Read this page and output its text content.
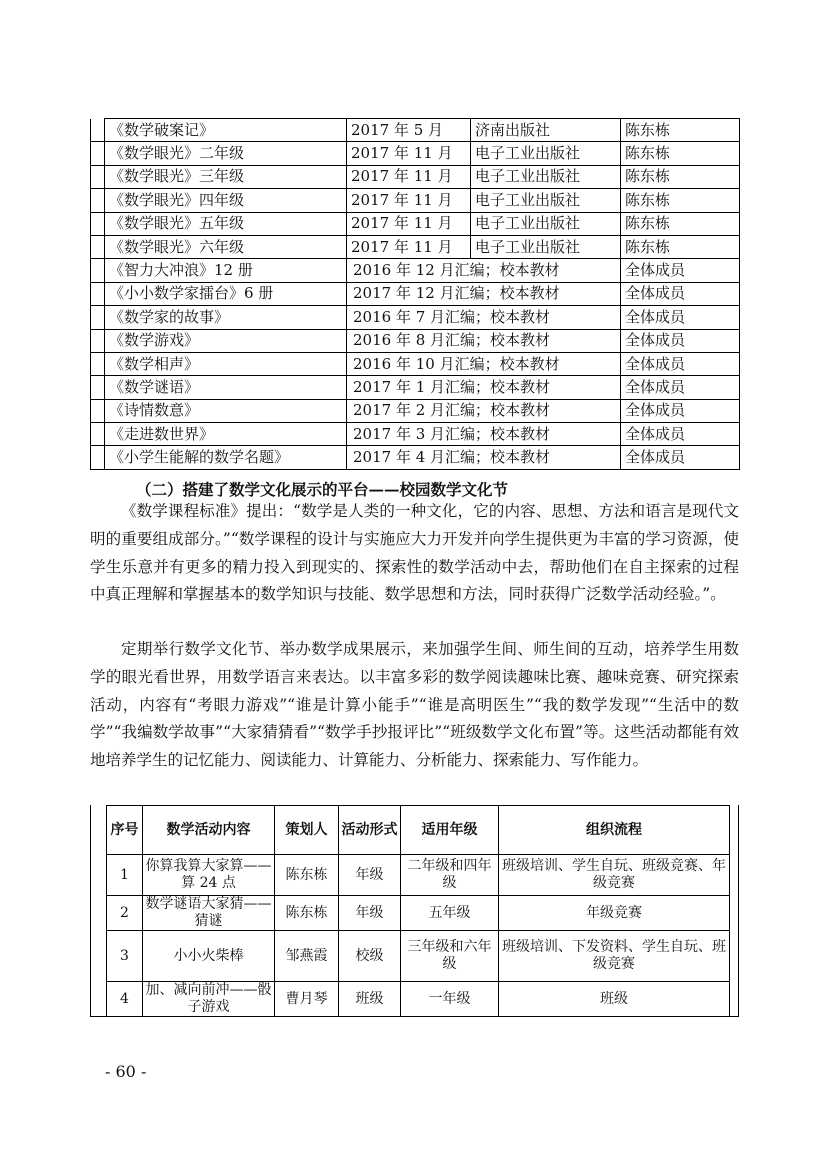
	《数学破案记》	2017 年 5 月	济南出版社	陈东栋
	《数学眼光》二年级	2017 年 11 月	电子工业出版社	陈东栋
	《数学眼光》三年级	2017 年 11 月	电子工业出版社	陈东栋
	《数学眼光》四年级	2017 年 11 月	电子工业出版社	陈东栋
	《数学眼光》五年级	2017 年 11 月	电子工业出版社	陈东栋
	《数学眼光》六年级	2017 年 11 月	电子工业出版社	陈东栋
	《智力大冲浪》12 册	2016 年 12 月汇编；校本教材		全体成员
	《小小数学家擂台》6 册	2017 年 12 月汇编；校本教材		全体成员
	《数学家的故事》	2016 年 7 月汇编；校本教材		全体成员
	《数学游戏》	2016 年 8 月汇编；校本教材		全体成员
	《数学相声》	2016 年 10 月汇编；校本教材		全体成员
	《数学谜语》	2017 年 1 月汇编；校本教材		全体成员
	《诗情数意》	2017 年 2 月汇编；校本教材		全体成员
	《走进数世界》	2017 年 3 月汇编；校本教材		全体成员
	《小学生能解的数学名题》	2017 年 4 月汇编；校本教材		全体成员
（二）搭建了数学文化展示的平台——校园数学文化节

《数学课程标准》提出：“数学是人类的一种文化，它的内容、思想、方法和语言是现代文明的重要组成部分。”“数学课程的设计与实施应大力开发并向学生提供更为丰富的学习资源，使学生乐意并有更多的精力投入到现实的、探索性的数学活动中去，帮助他们在自主探索的过程中真正理解和掌握基本的数学知识与技能、数学思想和方法，同时获得广泛数学活动经验。”。

定期举行数学文化节、举办数学成果展示，来加强学生间、师生间的互动，培养学生用数学的眼光看世界，用数学语言来表达。以丰富多彩的数学阅读趣味比赛、趣味竞赛、研究探索活动，内容有“考眼力游戏”“谁是计算小能手”“谁是高明医生”“我的数学发现”“生活中的数学”“我编数学故事”“大家猜猜看”“数学手抄报评比”“班级数学文化布置”等。这些活动都能有效地培养学生的记忆能力、阅读能力、计算能力、分析能力、探索能力、写作能力。

序号	数学活动内容	策划人	活动形式	适用年级	组织流程
1	你算我算大家算——算 24 点	陈东栋	年级	二年级和四年级	班级培训、学生自玩、班级竞赛、年级竞赛
2	数学谜语大家猜——猜谜	陈东栋	年级	五年级	年级竞赛
3	小小火柴棒	邹燕霞	校级	三年级和六年级	班级培训、下发资料、学生自玩、班级竞赛
4	加、减向前冲——骰子游戏	曹月琴	班级	一年级	班级
- 60 -
